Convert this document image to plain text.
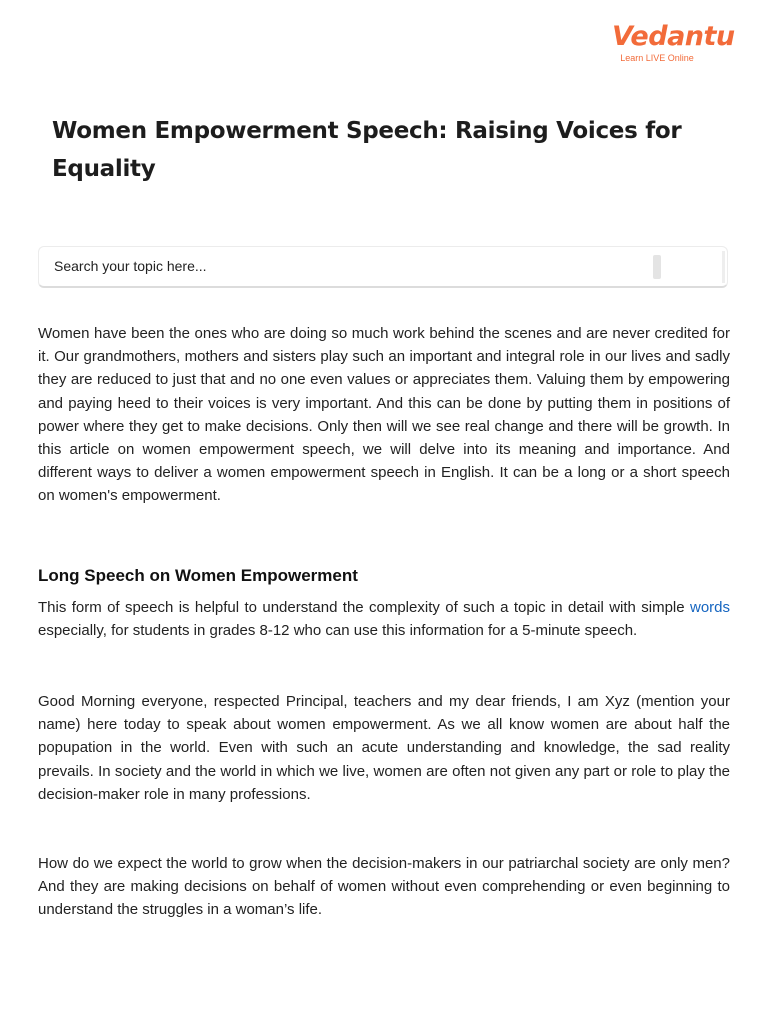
Vedantu
Learn LIVE Online
Women Empowerment Speech: Raising Voices for Equality
Search your topic here...

Women have been the ones who are doing so much work behind the scenes and are never credited for it. Our grandmothers, mothers and sisters play such an important and integral role in our lives and sadly they are reduced to just that and no one even values or appreciates them. Valuing them by empowering and paying heed to their voices is very important. And this can be done by putting them in positions of power where they get to make decisions. Only then will we see real change and there will be growth. In this article on women empowerment speech, we will delve into its meaning and importance. And different ways to deliver a women empowerment speech in English. It can be a long or a short speech on women's empowerment.

Long Speech on Women Empowerment

This form of speech is helpful to understand the complexity of such a topic in detail with simple words especially, for students in grades 8-12 who can use this information for a 5-minute speech.

Good Morning everyone, respected Principal, teachers and my dear friends, I am Xyz (mention your name) here today to speak about women empowerment. As we all know women are about half the popupation in the world. Even with such an acute understanding and knowledge, the sad reality prevails. In society and the world in which we live, women are often not given any part or role to play the decision-maker role in many professions.

How do we expect the world to grow when the decision-makers in our patriarchal society are only men? And they are making decisions on behalf of women without even comprehending or even beginning to understand the struggles in a woman’s life.
